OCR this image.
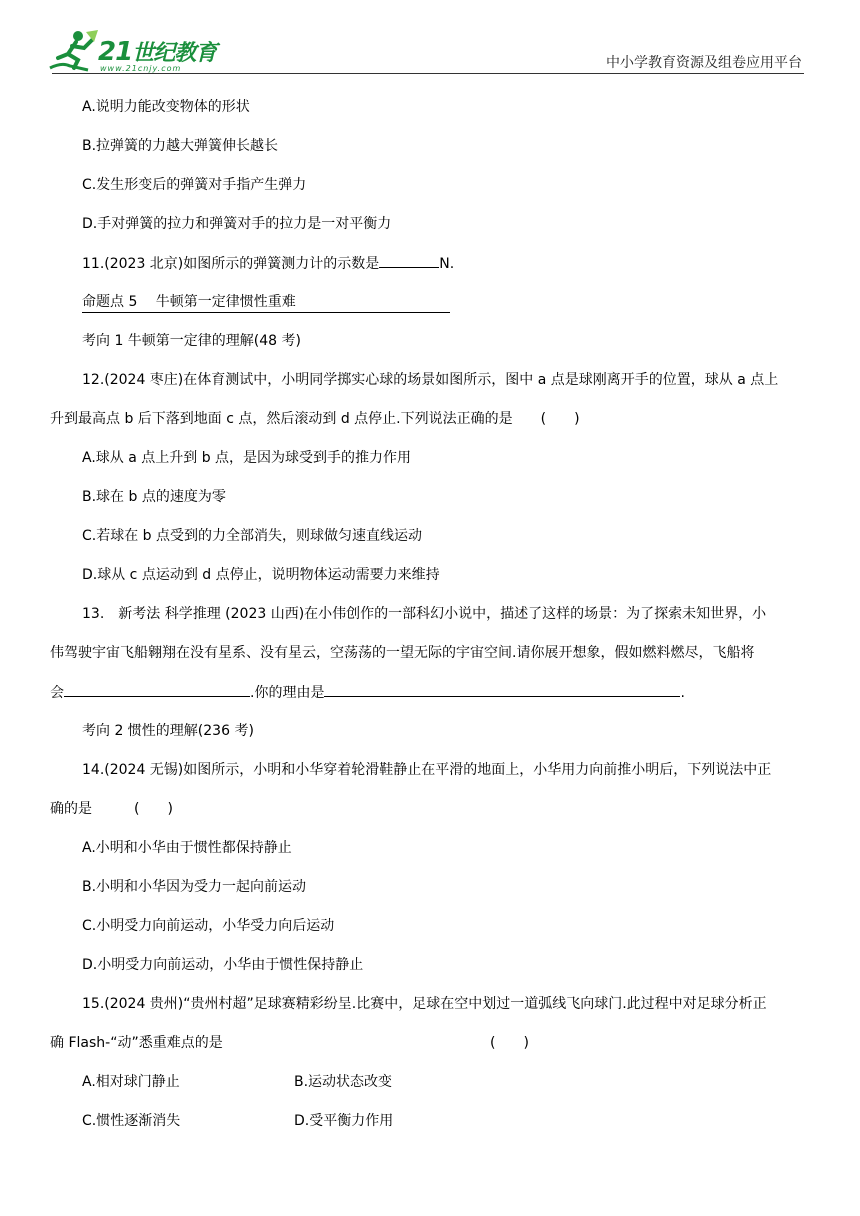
21世纪教育
www.21cnjy.com	中小学教育资源及组卷应用平台
A.说明力能改变物体的形状
B.拉弹簧的力越大弹簧伸长越长
C.发生形变后的弹簧对手指产生弹力
D.手对弹簧的拉力和弹簧对手的拉力是一对平衡力
11.(2023 北京)如图所示的弹簧测力计的示数是	N.
命题点 5　 牛顿第一定律惯性重难
考向 1 牛顿第一定律的理解(48 考)
12.(2024 枣庄)在体育测试中，小明同学掷实心球的场景如图所示，图中 a 点是球刚离开手的位置，球从 a 点上
升到最高点 b 后下落到地面 c 点，然后滚动到 d 点停止.下列说法正确的是　　(　　)
A.球从 a 点上升到 b 点，是因为球受到手的推力作用
B.球在 b 点的速度为零
C.若球在 b 点受到的力全部消失，则球做匀速直线运动
D.球从 c 点运动到 d 点停止，说明物体运动需要力来维持
13.　新考法 科学推理 (2023 山西)在小伟创作的一部科幻小说中，描述了这样的场景：为了探索未知世界，小
伟驾驶宇宙飞船翱翔在没有星系、没有星云，空荡荡的一望无际的宇宙空间.请你展开想象，假如燃料燃尽，飞船将
会	.你的理由是	.
考向 2 惯性的理解(236 考)
14.(2024 无锡)如图所示，小明和小华穿着轮滑鞋静止在平滑的地面上，小华用力向前推小明后，下列说法中正
确的是　　　(　　)
A.小明和小华由于惯性都保持静止
B.小明和小华因为受力一起向前运动
C.小明受力向前运动，小华受力向后运动
D.小明受力向前运动，小华由于惯性保持静止
15.(2024 贵州)“贵州村超”足球赛精彩纷呈.比赛中，足球在空中划过一道弧线飞向球门.此过程中对足球分析正
确 Flash-“动”悉重难点的是	(　　)
A.相对球门静止	B.运动状态改变
C.惯性逐渐消失	D.受平衡力作用
